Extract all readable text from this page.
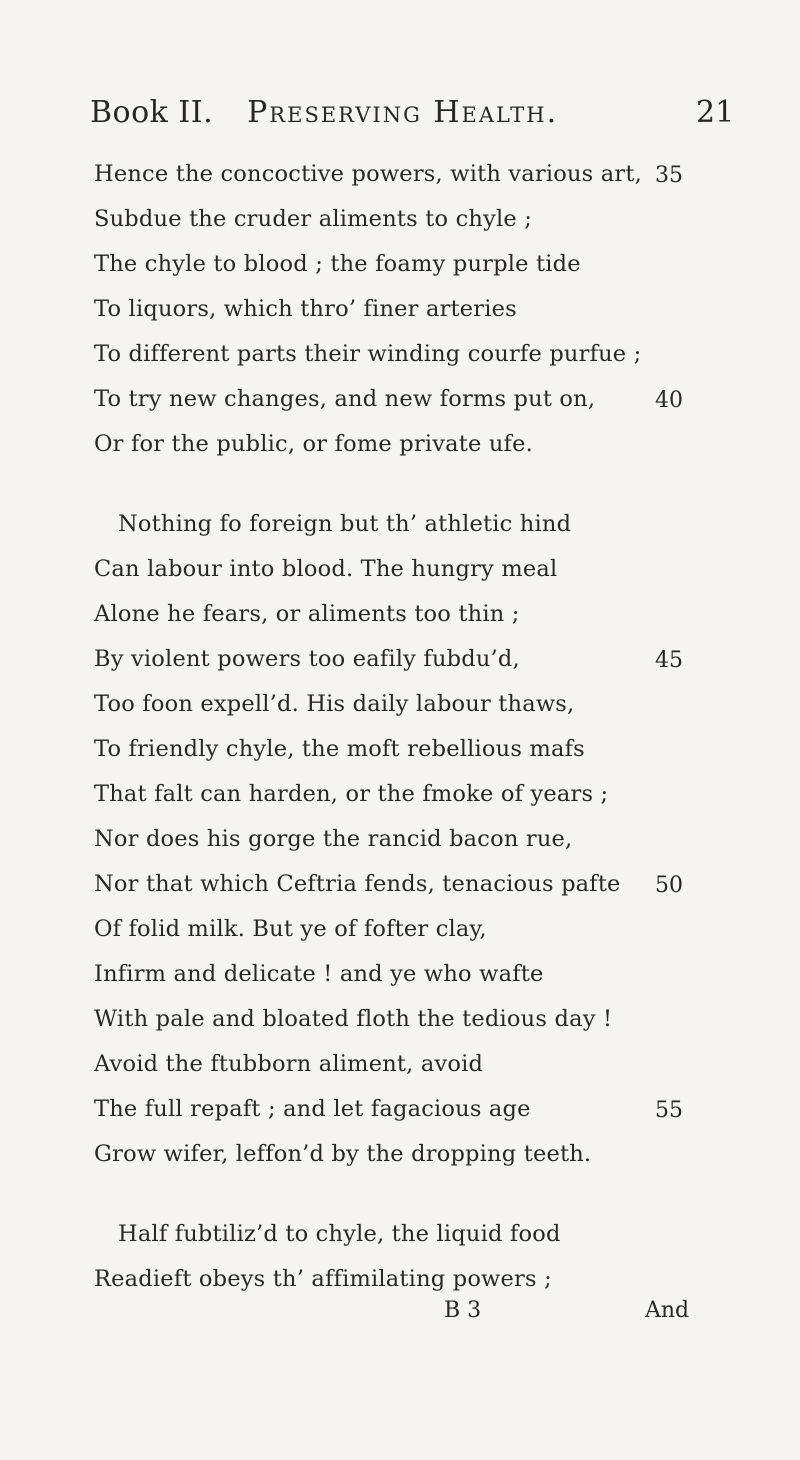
Book II. Preserving Health.	21
Hence the concoctive powers, with various art,
Subdue the cruder aliments to chyle ;
The chyle to blood ; the foamy purple tide
To liquors, which thro’ finer arteries
To different parts their winding courfe purfue ;
To try new changes, and new forms put on,
Or for the public, or fome private ufe.
Nothing fo foreign but th’ athletic hind
Can labour into blood. The hungry meal
Alone he fears, or aliments too thin ;
By violent powers too eafily fubdu’d,
Too foon expell’d. His daily labour thaws,
To friendly chyle, the moft rebellious mafs
That falt can harden, or the fmoke of years ;
Nor does his gorge the rancid bacon rue,
Nor that which Ceftria fends, tenacious pafte
Of folid milk. But ye of fofter clay,
Infirm and delicate ! and ye who wafte
With pale and bloated floth the tedious day !
Avoid the ftubborn aliment, avoid
The full repaft ; and let fagacious age
Grow wifer, leffon’d by the dropping teeth.
Half fubtiliz’d to chyle, the liquid food
Readieft obeys th’ affimilating powers ;
35
40
45
50
55
B 3	And
